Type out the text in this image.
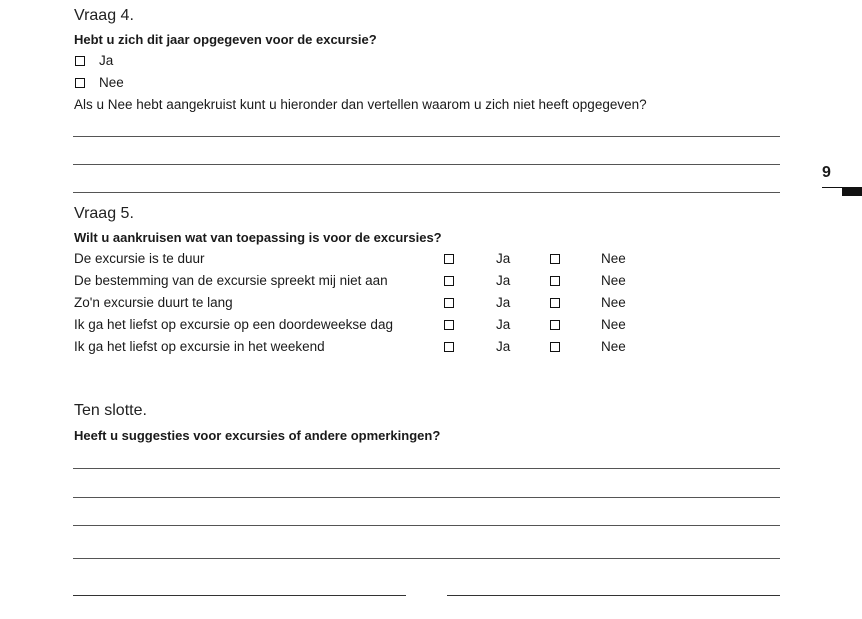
Vraag 4.
Hebt u zich dit jaar opgegeven voor de excursie?
Ja
Nee
Als u Nee hebt aangekruist kunt u hieronder dan vertellen waarom u zich niet heeft opgegeven?
9
Vraag 5.
Wilt u aankruisen wat van toepassing is voor de excursies?
De excursie is te duur	Ja	Nee
De bestemming van de excursie spreekt mij niet aan	Ja	Nee
Zo'n excursie duurt te lang	Ja	Nee
Ik ga het liefst op excursie op een doordeweekse dag	Ja	Nee
Ik ga het liefst op excursie in het weekend	Ja	Nee
Ten slotte.
Heeft u suggesties voor excursies of andere opmerkingen?
